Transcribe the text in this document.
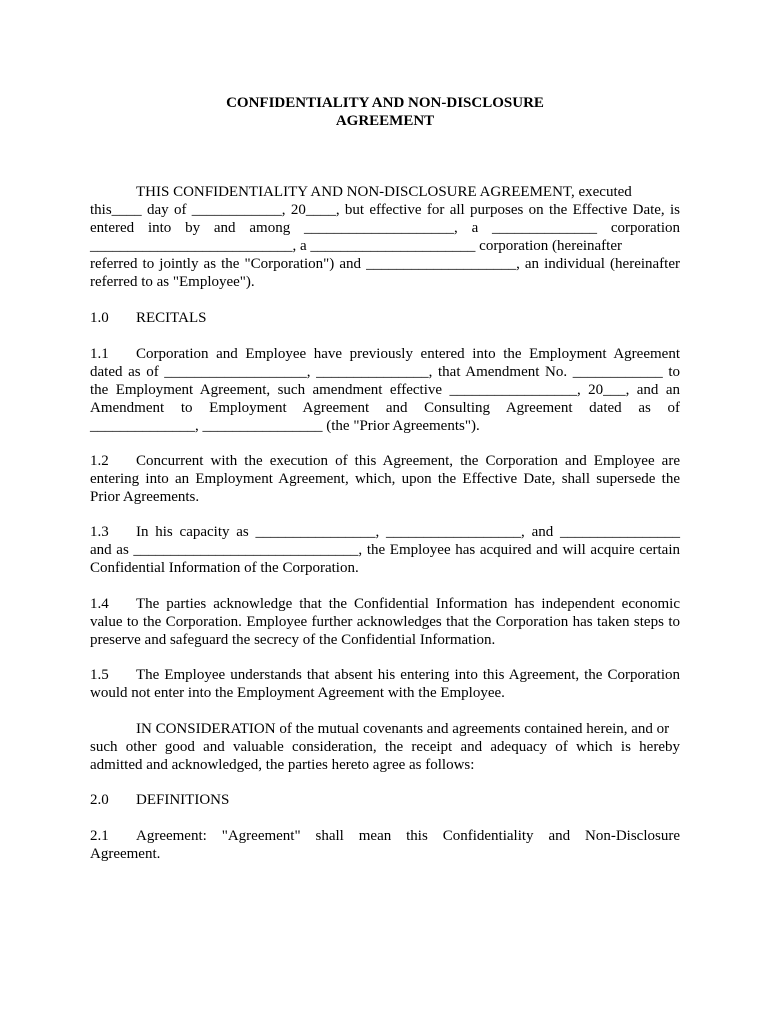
CONFIDENTIALITY AND NON-DISCLOSURE

AGREEMENT

THIS CONFIDENTIALITY AND NON-DISCLOSURE AGREEMENT, executed

this____ day of ____________, 20____, but effective for all purposes on the Effective Date, is

entered into by and among ____________________, a ______________ corporation

___________________________, a ______________________ corporation (hereinafter

referred to jointly as the "Corporation") and ____________________, an individual (hereinafter

referred to as "Employee").

1.0 RECITALS

1.1 Corporation and Employee have previously entered into the Employment Agreement

dated as of ___________________, _______________, that Amendment No. ____________ to

the Employment Agreement, such amendment effective _________________, 20___, and an

Amendment to Employment Agreement and Consulting Agreement dated as of

______________, ________________ (the "Prior Agreements").

1.2 Concurrent with the execution of this Agreement, the Corporation and Employee are

entering into an Employment Agreement, which, upon the Effective Date, shall supersede the

Prior Agreements.

1.3 In his capacity as ________________, __________________, and ________________

and as ______________________________, the Employee has acquired and will acquire certain

Confidential Information of the Corporation.

1.4 The parties acknowledge that the Confidential Information has independent economic

value to the Corporation. Employee further acknowledges that the Corporation has taken steps to

preserve and safeguard the secrecy of the Confidential Information.

1.5 The Employee understands that absent his entering into this Agreement, the Corporation

would not enter into the Employment Agreement with the Employee.

IN CONSIDERATION of the mutual covenants and agreements contained herein, and or

such other good and valuable consideration, the receipt and adequacy of which is hereby

admitted and acknowledged, the parties hereto agree as follows:

2.0 DEFINITIONS

2.1 Agreement: "Agreement" shall mean this Confidentiality and Non-Disclosure

Agreement.
